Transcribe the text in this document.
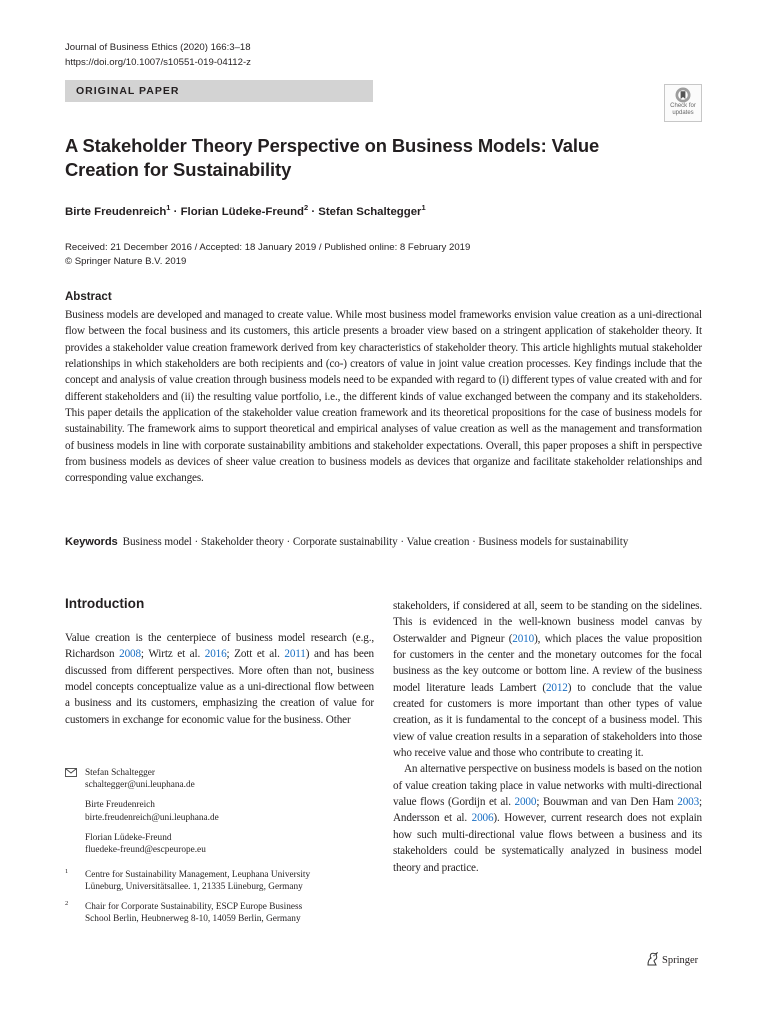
Journal of Business Ethics (2020) 166:3–18
https://doi.org/10.1007/s10551-019-04112-z
ORIGINAL PAPER
Check for
updates
A Stakeholder Theory Perspective on Business Models: Value Creation for Sustainability
Birte Freudenreich$^1$ · Florian Lüdeke-Freund$^2$ · Stefan Schaltegger$^1$
Received: 21 December 2016 / Accepted: 18 January 2019 / Published online: 8 February 2019
© Springer Nature B.V. 2019
Abstract

Business models are developed and managed to create value. While most business model frameworks envision value creation as a uni-directional flow between the focal business and its customers, this article presents a broader view based on a stringent application of stakeholder theory. It provides a stakeholder value creation framework derived from key characteristics of stakeholder theory. This article highlights mutual stakeholder relationships in which stakeholders are both recipients and (co-) creators of value in joint value creation processes. Key findings include that the concept and analysis of value creation through business models need to be expanded with regard to (i) different types of value created with and for different stakeholders and (ii) the resulting value portfolio, i.e., the different kinds of value exchanged between the company and its stakeholders. This paper details the application of the stakeholder value creation framework and its theoretical propositions for the case of business models for sustainability. The framework aims to support theoretical and empirical analyses of value creation as well as the management and transformation of business models in line with corporate sustainability ambitions and stakeholder expectations. Overall, this paper proposes a shift in perspective from business models as devices of sheer value creation to business models as devices that organize and facilitate stakeholder relationships and corresponding value exchanges.

Keywords Business model · Stakeholder theory · Corporate sustainability · Value creation · Business models for sustainability

Introduction

Value creation is the centerpiece of business model research (e.g., Richardson 2008; Wirtz et al. 2016; Zott et al. 2011) and has been discussed from different perspectives. More often than not, business model concepts conceptualize value as a uni-directional flow between a business and its customers, emphasizing the creation of value for customers in exchange for economic value for the business. Other

stakeholders, if considered at all, seem to be standing on the sidelines. This is evidenced in the well-known business model canvas by Osterwalder and Pigneur (2010), which places the value proposition for customers in the center and the monetary outcomes for the focal business as the key outcome or bottom line. A review of the business model literature leads Lambert (2012) to conclude that the value created for customers is more important than other types of value creation, as it is fundamental to the concept of a business model. This view of value creation results in a separation of stakeholders into those who receive value and those who contribute to creating it.

An alternative perspective on business models is based on the notion of value creation taking place in value networks with multi-directional value flows (Gordijn et al. 2000; Bouwman and van Den Ham 2003; Andersson et al. 2006). However, current research does not explain how such multi-directional value flows between a business and its stakeholders could be systematically analyzed in business model theory and practice.

Stefan Schaltegger
schaltegger@uni.leuphana.de
Birte Freudenreich
birte.freudenreich@uni.leuphana.de
Florian Lüdeke-Freund
fluedeke-freund@escpeurope.eu
1 Centre for Sustainability Management, Leuphana University
Lüneburg, Universitätsallee. 1, 21335 Lüneburg, Germany
2 Chair for Corporate Sustainability, ESCP Europe Business
School Berlin, Heubnerweg 8-10, 14059 Berlin, Germany
Springer
